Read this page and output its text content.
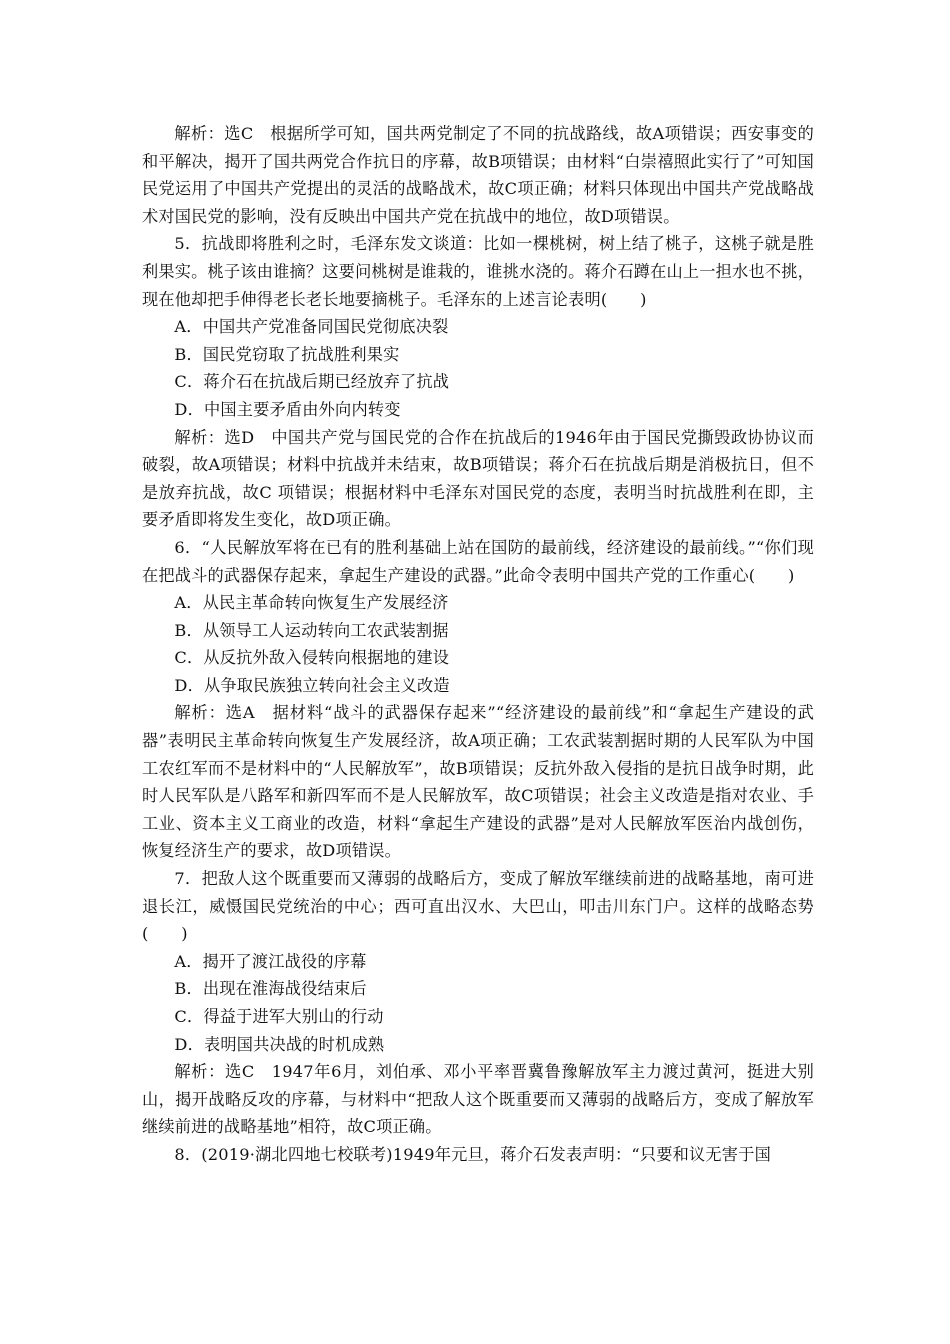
解析：选C　根据所学可知，国共两党制定了不同的抗战路线，故A项错误；西安事变的和平解决，揭开了国共两党合作抗日的序幕，故B项错误；由材料“白崇禧照此实行了”可知国民党运用了中国共产党提出的灵活的战略战术，故C项正确；材料只体现出中国共产党战略战术对国民党的影响，没有反映出中国共产党在抗战中的地位，故D项错误。

5．抗战即将胜利之时，毛泽东发文谈道：比如一棵桃树，树上结了桃子，这桃子就是胜利果实。桃子该由谁摘？这要问桃树是谁栽的，谁挑水浇的。蒋介石蹲在山上一担水也不挑，现在他却把手伸得老长老长地要摘桃子。毛泽东的上述言论表明(　　)

A．中国共产党准备同国民党彻底决裂

B．国民党窃取了抗战胜利果实

C．蒋介石在抗战后期已经放弃了抗战

D．中国主要矛盾由外向内转变

解析：选D　中国共产党与国民党的合作在抗战后的1946年由于国民党撕毁政协协议而破裂，故A项错误；材料中抗战并未结束，故B项错误；蒋介石在抗战后期是消极抗日，但不是放弃抗战，故C 项错误；根据材料中毛泽东对国民党的态度，表明当时抗战胜利在即，主要矛盾即将发生变化，故D项正确。

6．“人民解放军将在已有的胜利基础上站在国防的最前线，经济建设的最前线。”“你们现在把战斗的武器保存起来，拿起生产建设的武器。”此命令表明中国共产党的工作重心(　　)

A．从民主革命转向恢复生产发展经济

B．从领导工人运动转向工农武装割据

C．从反抗外敌入侵转向根据地的建设

D．从争取民族独立转向社会主义改造

解析：选A　据材料“战斗的武器保存起来”“经济建设的最前线”和“拿起生产建设的武器”表明民主革命转向恢复生产发展经济，故A项正确；工农武装割据时期的人民军队为中国工农红军而不是材料中的“人民解放军”，故B项错误；反抗外敌入侵指的是抗日战争时期，此时人民军队是八路军和新四军而不是人民解放军，故C项错误；社会主义改造是指对农业、手工业、资本主义工商业的改造，材料“拿起生产建设的武器”是对人民解放军医治内战创伤，恢复经济生产的要求，故D项错误。

7．把敌人这个既重要而又薄弱的战略后方，变成了解放军继续前进的战略基地，南可进退长江，威慑国民党统治的中心；西可直出汉水、大巴山，叩击川东门户。这样的战略态势(　　)

A．揭开了渡江战役的序幕

B．出现在淮海战役结束后

C．得益于进军大别山的行动

D．表明国共决战的时机成熟

解析：选C　1947年6月，刘伯承、邓小平率晋冀鲁豫解放军主力渡过黄河，挺进大别山，揭开战略反攻的序幕，与材料中“把敌人这个既重要而又薄弱的战略后方，变成了解放军继续前进的战略基地”相符，故C项正确。

8．(2019·湖北四地七校联考)1949年元旦，蒋介石发表声明：“只要和议无害于国
